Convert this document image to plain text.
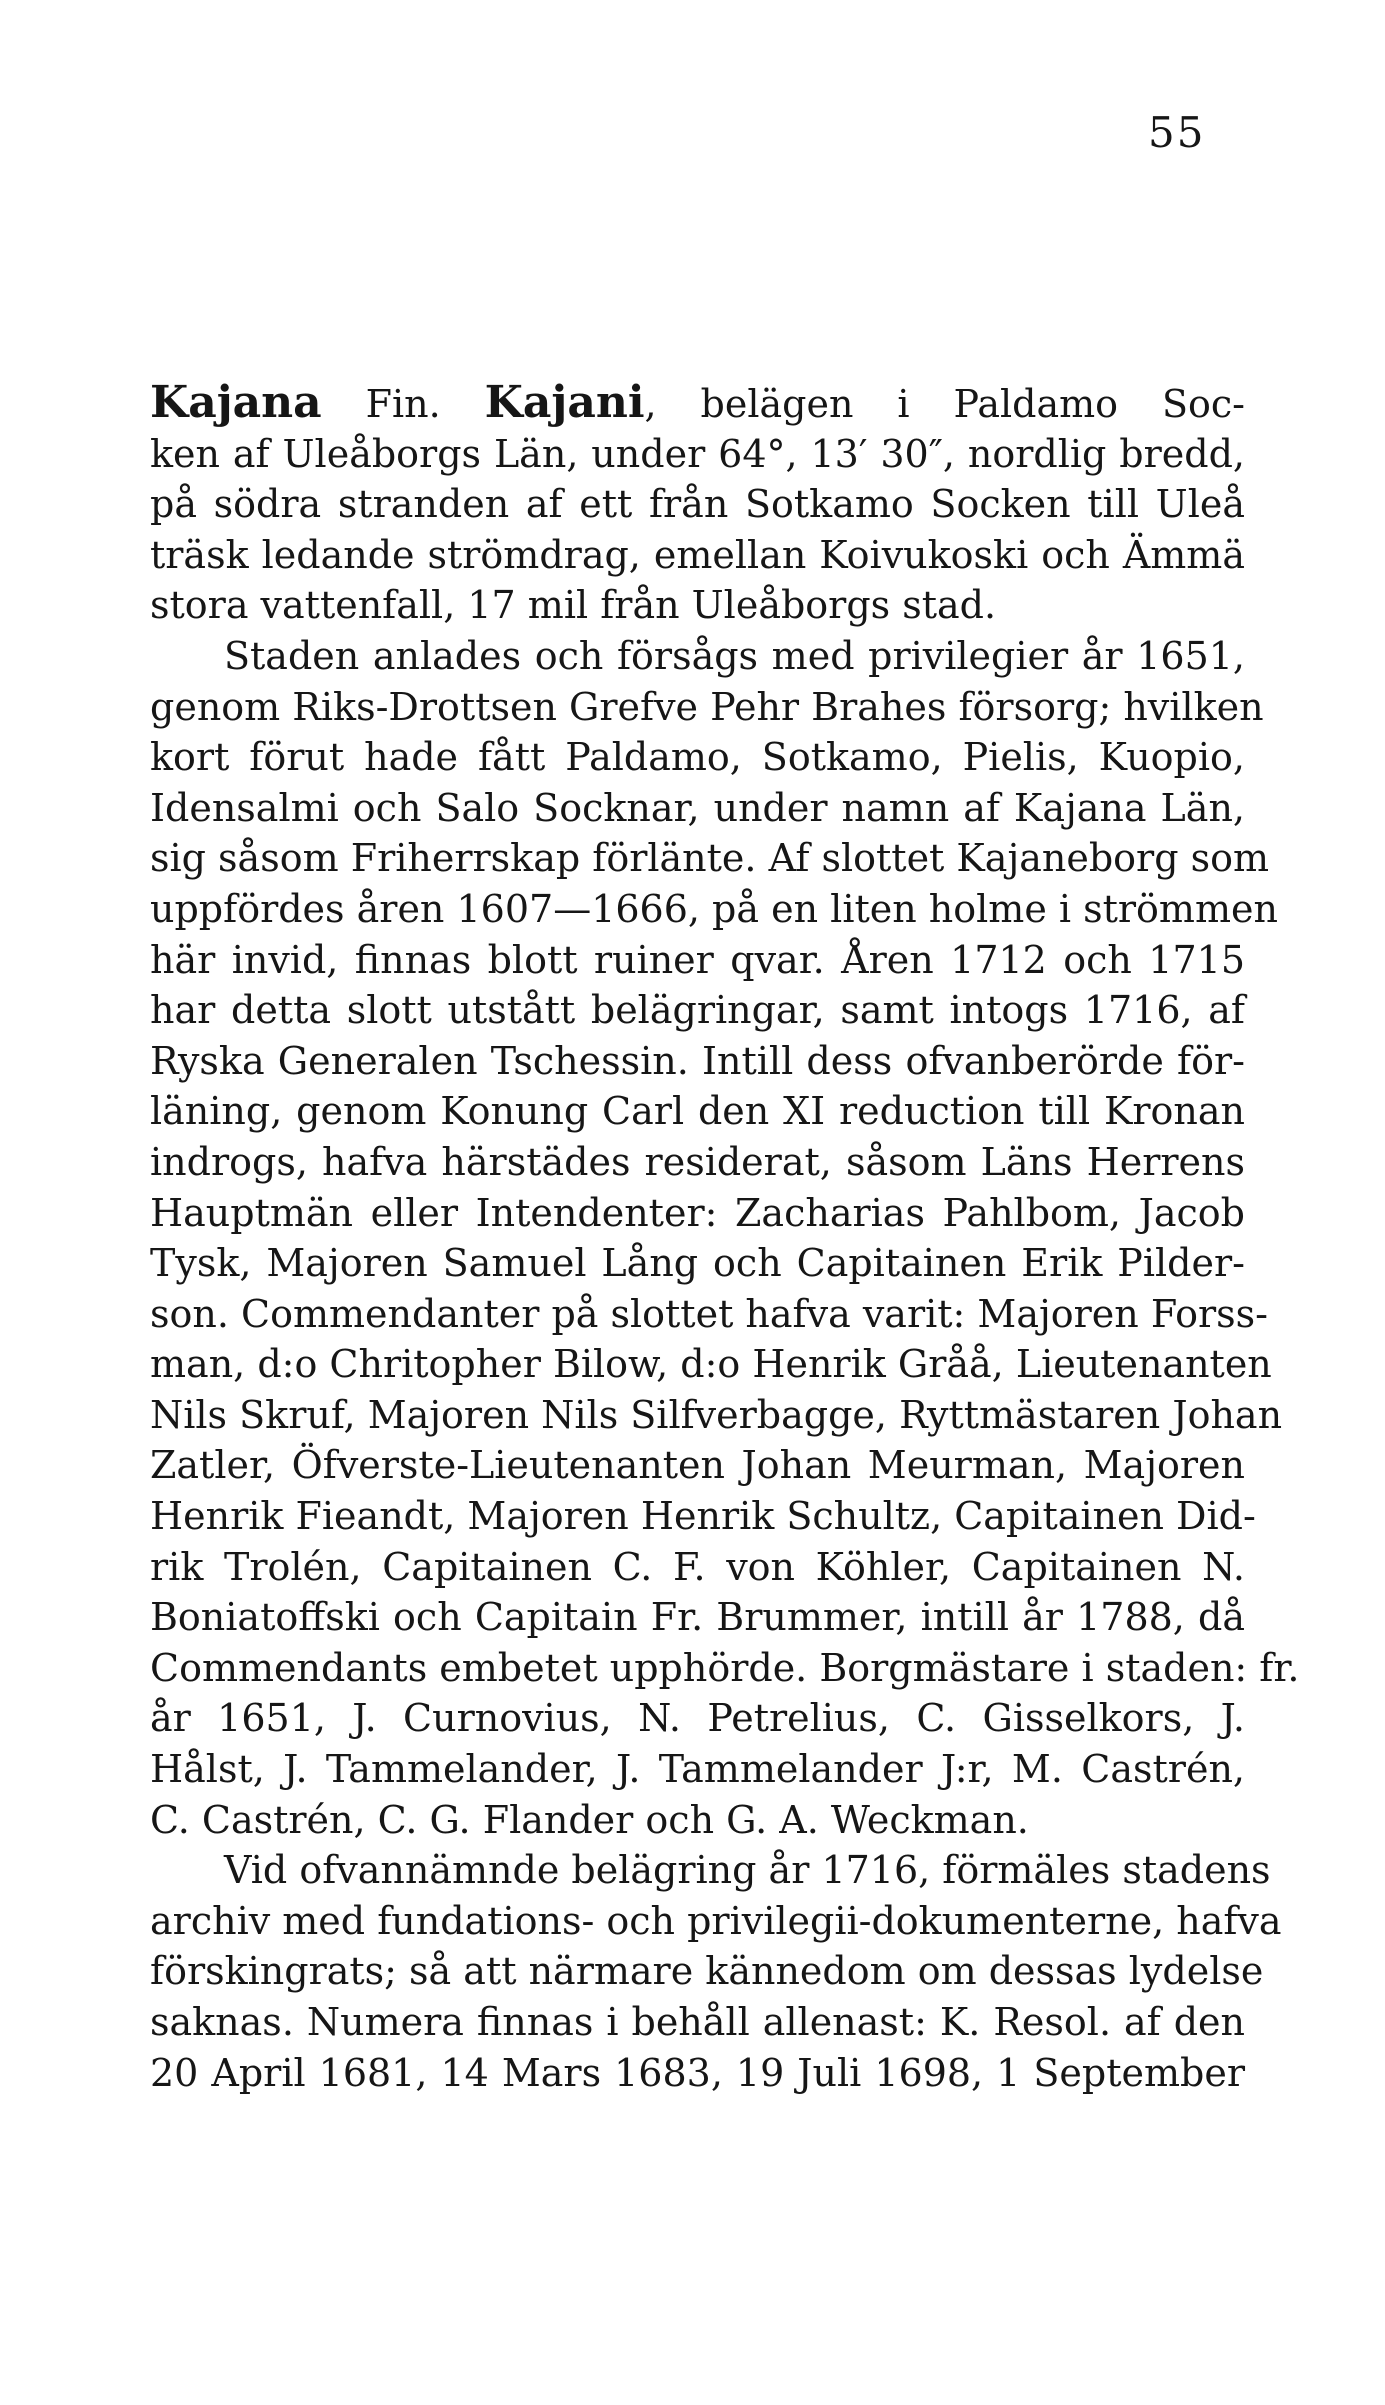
55
Kajana Fin. Kajani, belägen i Paldamo Soc-
ken af Uleåborgs Län, under 64°, 13′ 30″, nordlig bredd,
på södra stranden af ett från Sotkamo Socken till Uleå
träsk ledande strömdrag, emellan Koivukoski och Ämmä
stora vattenfall, 17 mil från Uleåborgs stad.
Staden anlades och försågs med privilegier år 1651,
genom Riks-Drottsen Grefve Pehr Brahes försorg; hvilken
kort förut hade fått Paldamo, Sotkamo, Pielis, Kuopio,
Idensalmi och Salo Socknar, under namn af Kajana Län,
sig såsom Friherrskap förlänte. Af slottet Kajaneborg som
uppfördes åren 1607—1666, på en liten holme i strömmen
här invid, finnas blott ruiner qvar. Åren 1712 och 1715
har detta slott utstått belägringar, samt intogs 1716, af
Ryska Generalen Tschessin. Intill dess ofvanberörde för-
läning, genom Konung Carl den XI reduction till Kronan
indrogs, hafva härstädes residerat, såsom Läns Herrens
Hauptmän eller Intendenter: Zacharias Pahlbom, Jacob
Tysk, Majoren Samuel Lång och Capitainen Erik Pilder-
son. Commendanter på slottet hafva varit: Majoren Forss-
man, d:o Chritopher Bilow, d:o Henrik Gråå, Lieutenanten
Nils Skruf, Majoren Nils Silfverbagge, Ryttmästaren Johan
Zatler, Öfverste-Lieutenanten Johan Meurman, Majoren
Henrik Fieandt, Majoren Henrik Schultz, Capitainen Did-
rik Trolén, Capitainen C. F. von Köhler, Capitainen N.
Boniatoffski och Capitain Fr. Brummer, intill år 1788, då
Commendants embetet upphörde. Borgmästare i staden: fr.
år 1651, J. Curnovius, N. Petrelius, C. Gisselkors, J.
Hålst, J. Tammelander, J. Tammelander J:r, M. Castrén,
C. Castrén, C. G. Flander och G. A. Weckman.
Vid ofvannämnde belägring år 1716, förmäles stadens
archiv med fundations- och privilegii-dokumenterne, hafva
förskingrats; så att närmare kännedom om dessas lydelse
saknas. Numera finnas i behåll allenast: K. Resol. af den
20 April 1681, 14 Mars 1683, 19 Juli 1698, 1 September
